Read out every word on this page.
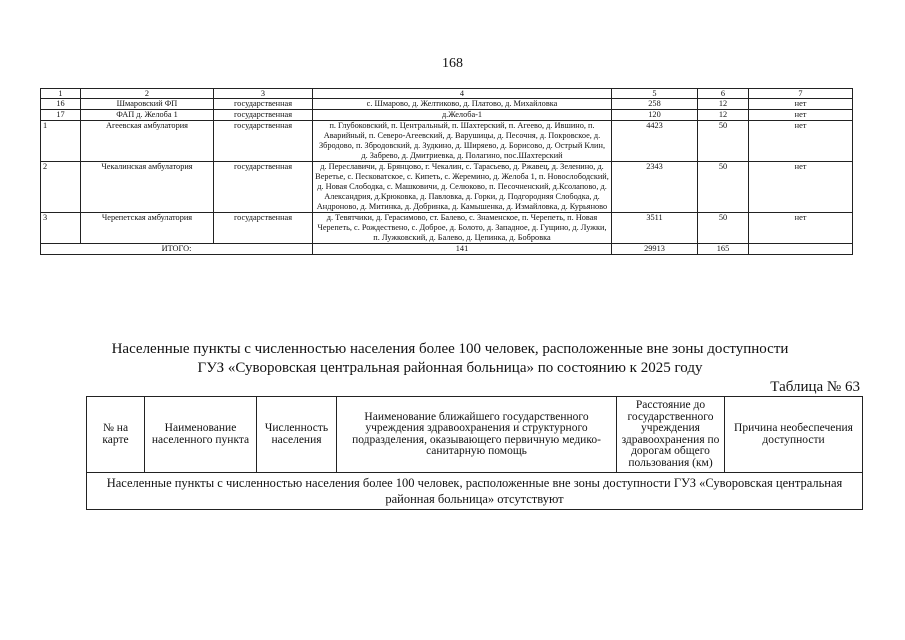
168
1	2	3	4	5	6	7
16	Шмаровский ФП	государственная	с. Шмарово, д. Желтиково, д. Платово, д. Михайловка	258	12	нет
17	ФАП д. Желоба 1	государственная	д.Желоба-1	120	12	нет
1	Агеевская амбулатория	государственная	п. Глубоковский, п. Центральный, п. Шахтерский, п. Агеево, д. Ившино, п. Аварийный, п. Северо-Агеевский, д. Варушицы, д. Песочня, д. Покровское, д. Збродово, п. Збродовский, д. Зудкино, д. Ширяево, д. Борисово, д. Острый Клин, д. Забрево, д. Дмитриевка, д. Полагино, пос.Шахтерский	4423	50	нет
2	Чекалинская амбулатория	государственная	д. Переславичи, д. Брянцово, г. Чекалин, с. Тарасьево, д. Ржавец, д. Зеленино, д. Веретье, с. Песковатское, с. Кипеть, с. Жеремино, д. Желоба 1, п. Новослободский, д. Новая Слободка, с. Машковичи, д. Селюково, п. Песочненский, д.Ксолапово, д. Александрия, д.Крюковка, д. Павловка, д. Горки, д. Подгородняя Слободка, д. Андроново, д. Митинка, д. Добринка, д. Камышенка, д. Измайловка, д. Курьяново	2343	50	нет
3	Черепетская амбулатория	государственная	д. Тевятчики, д. Герасимово, ст. Балево, с. Знаменское, п. Черепеть, п. Новая Черепеть, с. Рождествено, с. Доброе, д. Болото, д. Западное, д. Гущино, д. Лужки, п. Лужковский, д. Балево, д. Цепинка, д. Бобровка	3511	50	нет
ИТОГО:			141	29913	165	
Населенные пункты с численностью населения более 100 человек, расположенные вне зоны доступности
ГУЗ «Суворовская центральная районная больница» по состоянию к 2025 году
Таблица № 63
№ на карте	Наименование населенного пункта	Численность населения	Наименование ближайшего государственного учреждения здравоохранения и структурного подразделения, оказывающего первичную медико-санитарную помощь	Расстояние до государственного учреждения здравоохранения по дорогам общего пользования (км)	Причина необеспечения доступности
Населенные пункты с численностью населения более 100 человек, расположенные вне зоны доступности ГУЗ «Суворовская центральная районная больница» отсутствуют
